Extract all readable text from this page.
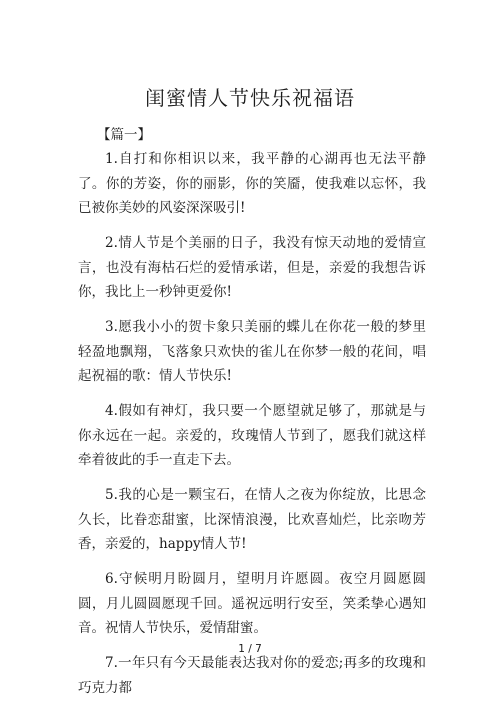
闺蜜情人节快乐祝福语
【篇一】

1.自打和你相识以来，我平静的心湖再也无法平静了。你的芳姿，你的丽影，你的笑靥，使我难以忘怀，我已被你美妙的风姿深深吸引!

2.情人节是个美丽的日子，我没有惊天动地的爱情宣言，也没有海枯石烂的爱情承诺，但是，亲爱的我想告诉你，我比上一秒钟更爱你!

3.愿我小小的贺卡象只美丽的蝶儿在你花一般的梦里轻盈地飘翔，飞落象只欢快的雀儿在你梦一般的花间，唱起祝福的歌：情人节快乐!

4.假如有神灯，我只要一个愿望就足够了，那就是与你永远在一起。亲爱的，玫瑰情人节到了，愿我们就这样牵着彼此的手一直走下去。

5.我的心是一颗宝石，在情人之夜为你绽放，比思念久长，比眷恋甜蜜，比深情浪漫，比欢喜灿烂，比亲吻芳香，亲爱的，happy情人节!

6.守候明月盼圆月，望明月许愿圆。夜空月圆愿圆圆，月儿圆圆愿现千回。遥祝远明行安至，笑柔挚心遇知音。祝情人节快乐，爱情甜蜜。

7.一年只有今天最能表达我对你的爱恋;再多的玫瑰和巧克力都

1 / 7
